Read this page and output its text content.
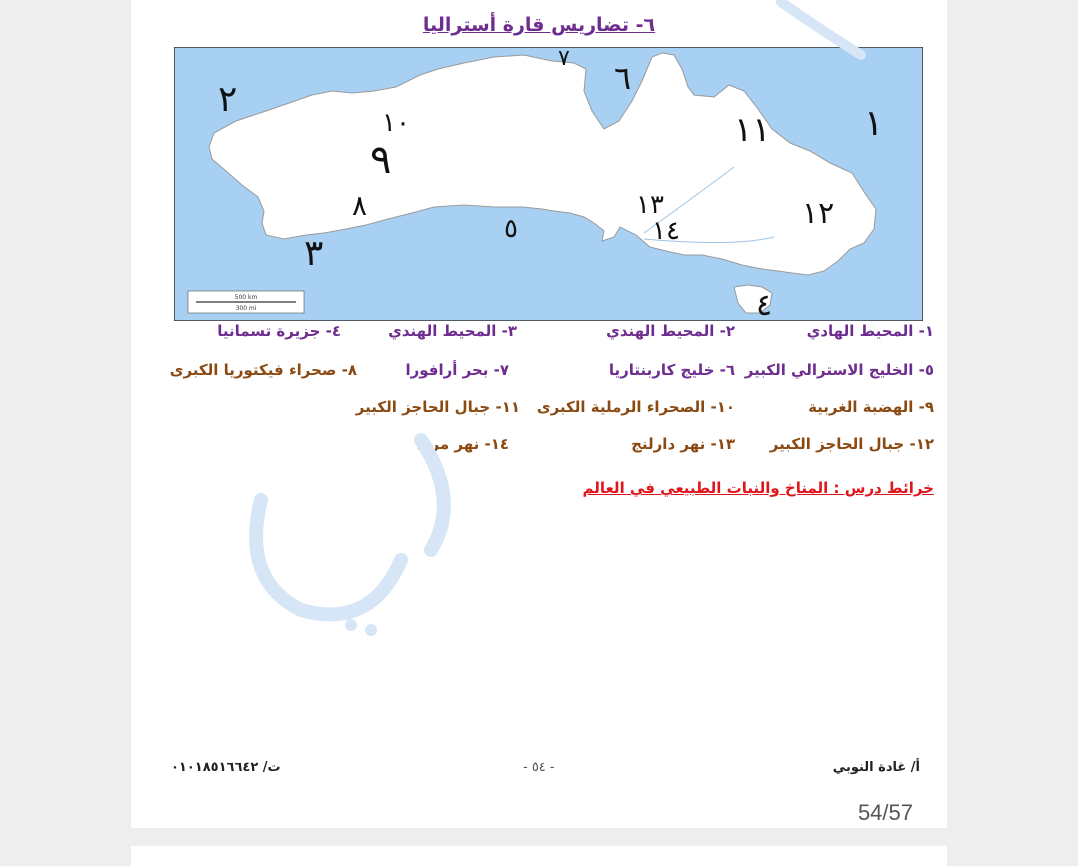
٦- تضاريس قارة أستراليا
500 km
300 mi
١
٢
٣
٤
٥
٦
٧
٨
٩
١٠	١١
١٢
١٣
١٤
١- المحيط الهادي
٢- المحيط الهندي
٣- المحيط الهندي
٤- جزيرة تسمانيا
٥- الخليج الاسترالي الكبير
٦- خليج كاربنتاريا
٧- بحر أرافورا
٨- صحراء فيكتوريا الكبرى
٩- الهضبة الغربية
١٠- الصحراء الرملية الكبرى
١١- جبال الحاجز الكبير
١٢- جبال الحاجز الكبير
١٣- نهر دارلنج
١٤- نهر مري
خرائط درس : المناخ والنبات الطبيعي في العالم
أ/ غادة النوبي
- ٥٤ -
ت/ ٠١٠١٨٥١٦٦٤٢
54/57
